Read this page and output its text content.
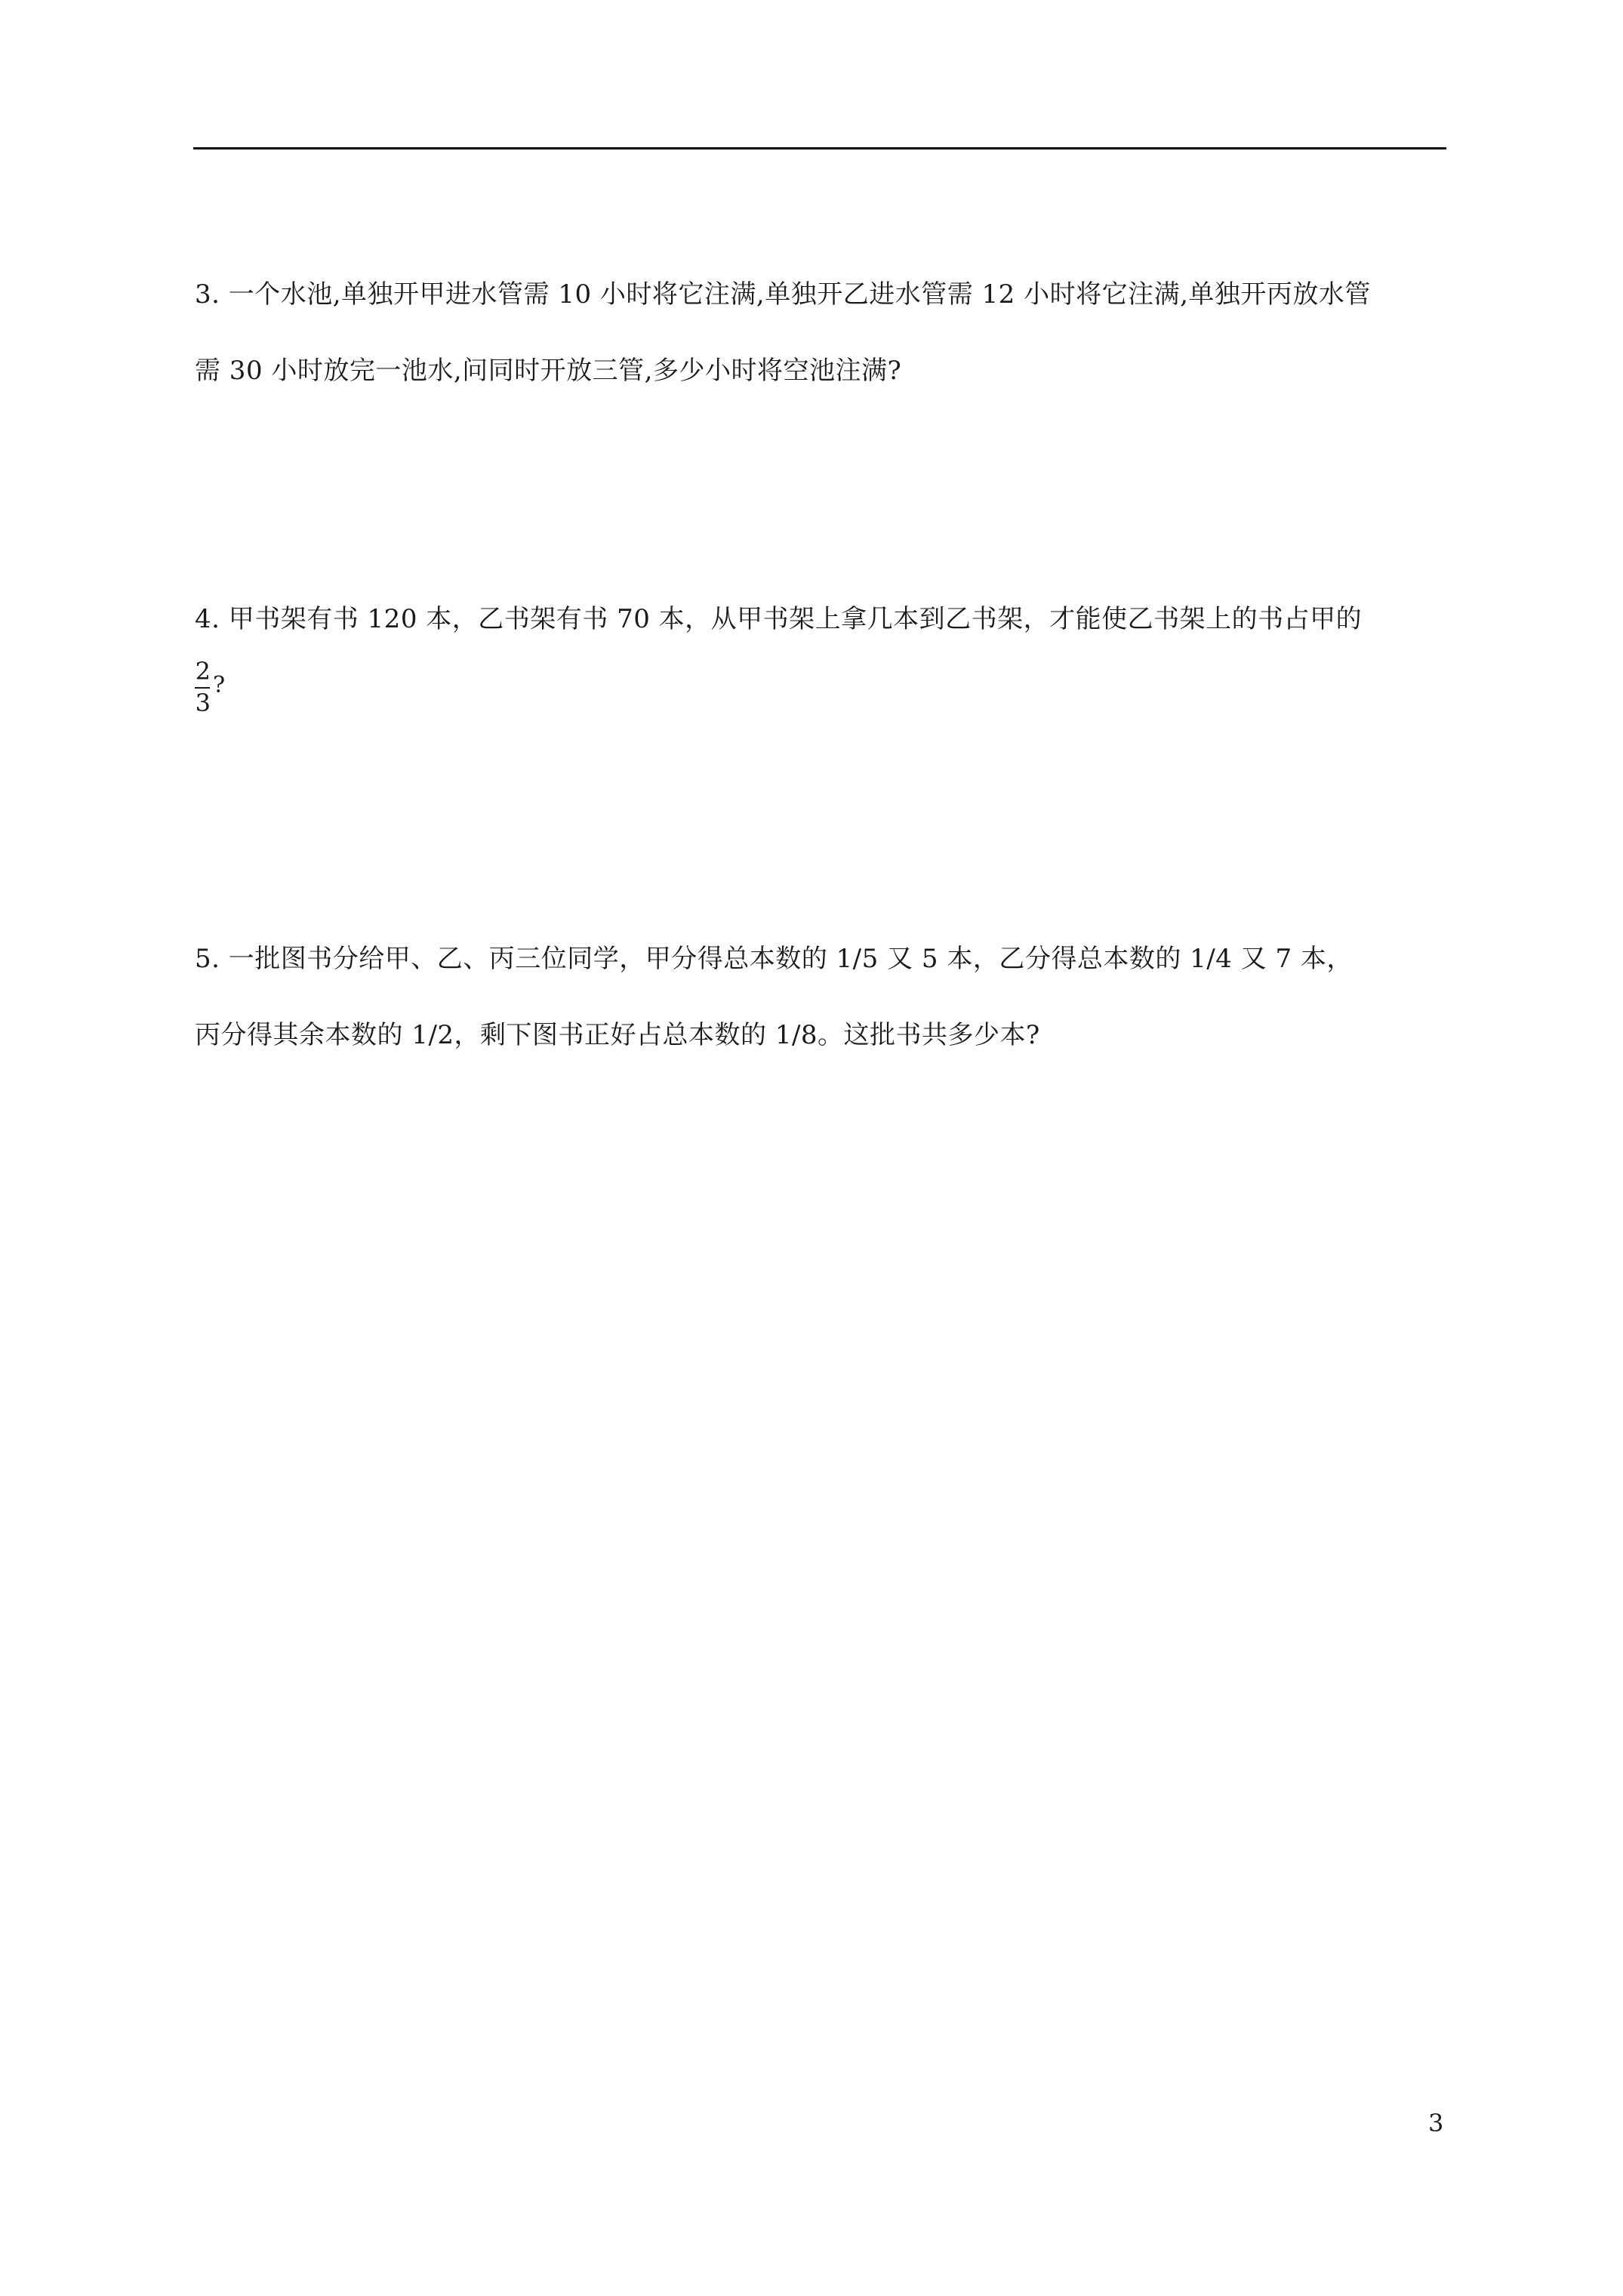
3. 一个水池,单独开甲进水管需 10 小时将它注满,单独开乙进水管需 12 小时将它注满,单独开丙放水管
需 30 小时放完一池水,问同时开放三管,多少小时将空池注满?
4. 甲书架有书 120 本，乙书架有书 70 本，从甲书架上拿几本到乙书架，才能使乙书架上的书占甲的
2
3
?
5. 一批图书分给甲、乙、丙三位同学，甲分得总本数的 1/5 又 5 本，乙分得总本数的 1/4 又 7 本，
丙分得其余本数的 1/2，剩下图书正好占总本数的 1/8。这批书共多少本?
3
